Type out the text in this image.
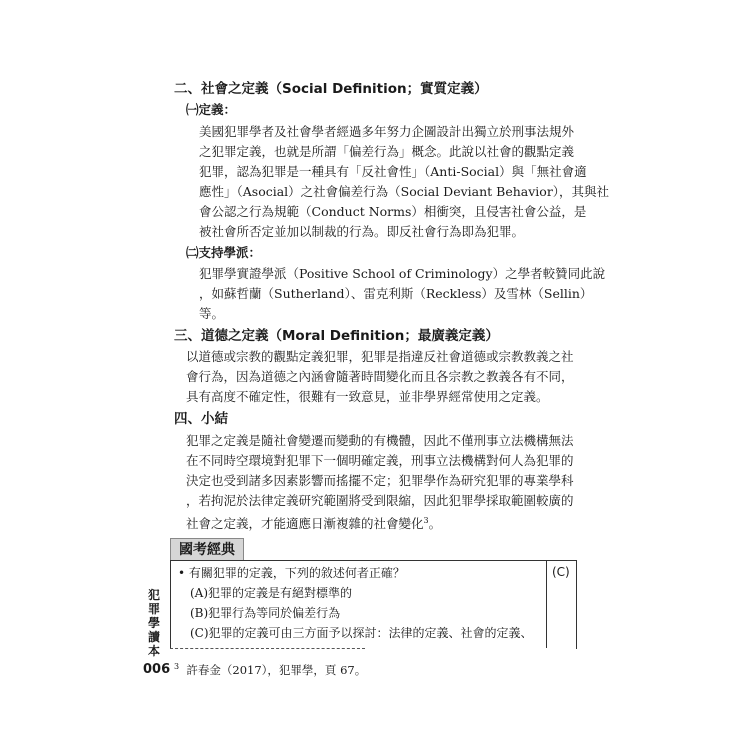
二、社會之定義（Social Definition；實質定義）
㈠定義：
美國犯罪學者及社會學者經過多年努力企圖設計出獨立於刑事法規外
之犯罪定義，也就是所謂「偏差行為」概念。此說以社會的觀點定義
犯罪，認為犯罪是一種具有「反社會性」（Anti-Social）與「無社會適
應性」（Asocial）之社會偏差行為（Social Deviant Behavior），其與社
會公認之行為規範（Conduct Norms）相衝突，且侵害社會公益，是
被社會所否定並加以制裁的行為。即反社會行為即為犯罪。
㈡支持學派：
犯罪學實證學派（Positive School of Criminology）之學者較贊同此說
，如蘇哲蘭（Sutherland）、雷克利斯（Reckless）及雪林（Sellin）
等。
三、道德之定義（Moral Definition；最廣義定義）
以道德或宗教的觀點定義犯罪，犯罪是指違反社會道德或宗教教義之社
會行為，因為道德之內涵會隨著時間變化而且各宗教之教義各有不同，
具有高度不確定性，很難有一致意見，並非學界經常使用之定義。
四、小結
犯罪之定義是隨社會變遷而變動的有機體，因此不僅刑事立法機構無法
在不同時空環境對犯罪下一個明確定義，刑事立法機構對何人為犯罪的
決定也受到諸多因素影響而搖擺不定；犯罪學作為研究犯罪的專業學科
，若拘泥於法律定義研究範圍將受到限縮，因此犯罪學採取範圍較廣的
社會之定義，才能適應日漸複雜的社會變化$^3$。
國考經典
(C)
• 有關犯罪的定義，下列的敘述何者正確？
(A)犯罪的定義是有絕對標準的
(B)犯罪行為等同於偏差行為
(C)犯罪的定義可由三方面予以探討：法律的定義、社會的定義、
犯罪學讀本
006 $^3$ 許春金（2017），犯罪學，頁 67。
